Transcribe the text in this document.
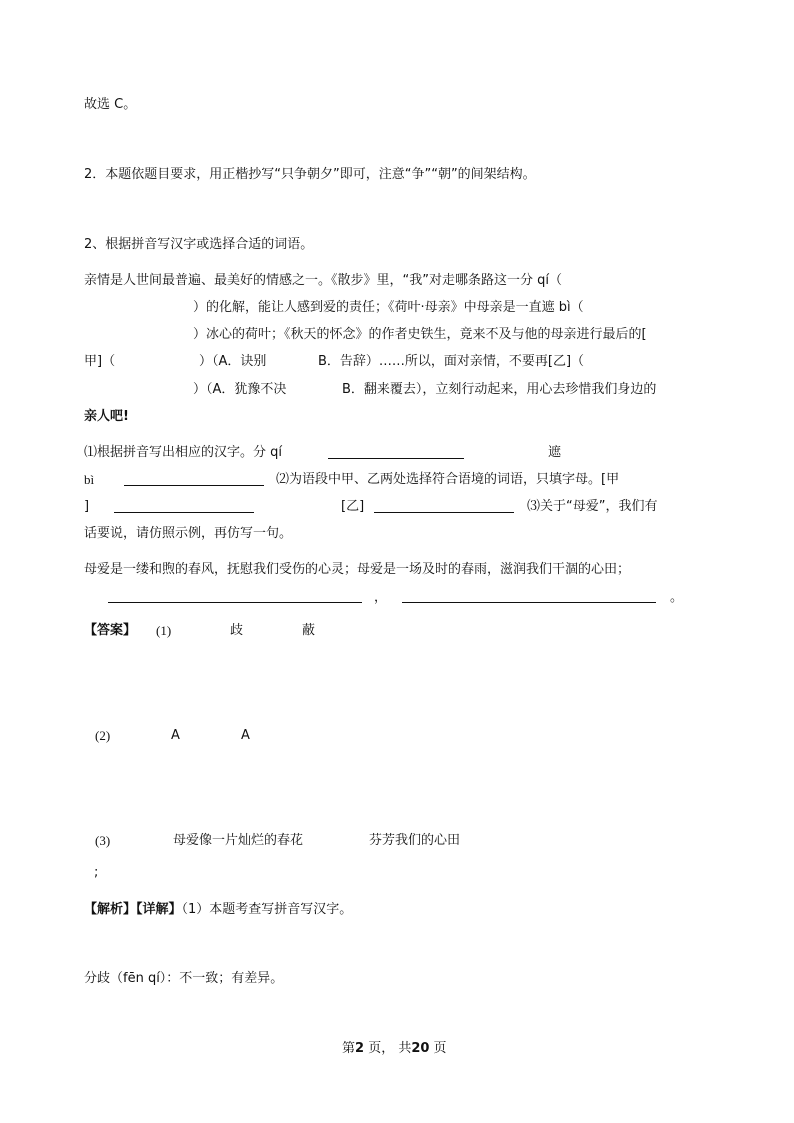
故选 C。
2．本题依题目要求，用正楷抄写“只争朝夕”即可，注意“争”“朝”的间架结构。
2、根据拼音写汉字或选择合适的词语。
亲情是人世间最普遍、最美好的情感之一。《散步》里，“我”对走哪条路这一分 qí（
）的化解，能让人感到爱的责任；《荷叶·母亲》中母亲是一直遮 bì（
）冰心的荷叶；《秋天的怀念》的作者史铁生，竟来不及与他的母亲进行最后的[
甲]（	）（A．诀别	B．告辞）……所以，面对亲情，不要再[乙]（
）（A．犹豫不决	B．翻来覆去），立刻行动起来，用心去珍惜我们身边的
亲人吧!
⑴根据拼音写出相应的汉字。分 qí	遮
bì	⑵为语段中甲、乙两处选择符合语境的词语，只填字母。[甲
]	[乙]	⑶关于“母爱”，我们有
话要说，请仿照示例，再仿写一句。
母爱是一缕和煦的春风，抚慰我们受伤的心灵；母爱是一场及时的春雨，滋润我们干涸的心田；
，	。
【答案】 (1)	歧	蔽
(2)	A	A
(3)	母爱像一片灿烂的春花	芬芳我们的心田
;
【解析】【详解】（1）本题考查写拼音写汉字。
分歧（fēn qí）：不一致；有差异。
第2 页， 共20 页
